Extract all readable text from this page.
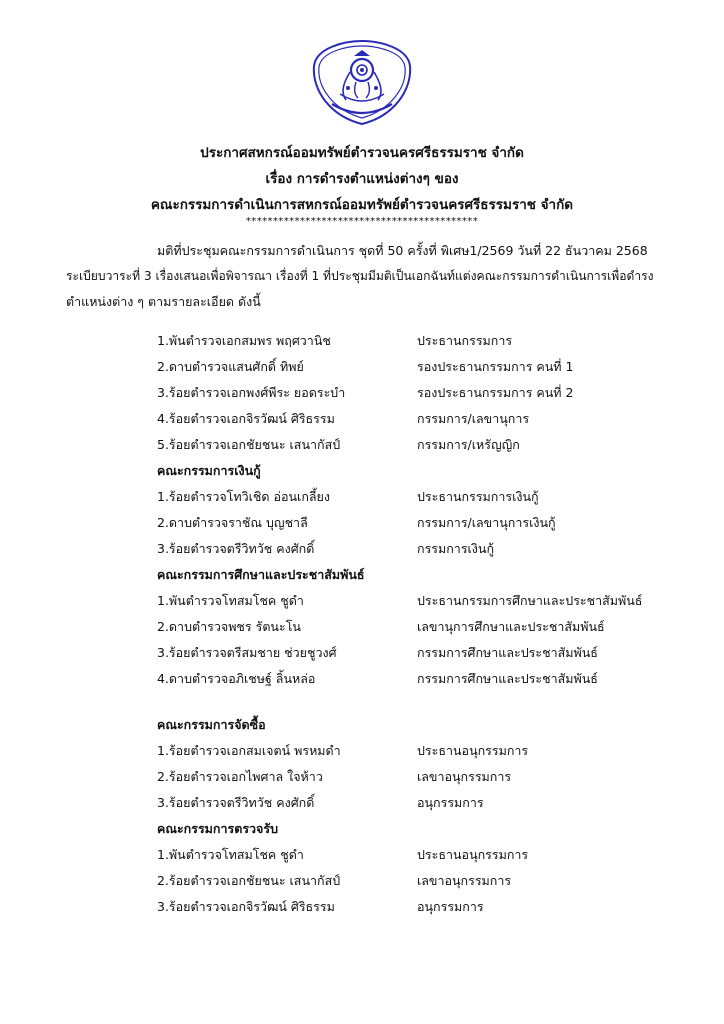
ประกาศสหกรณ์ออมทรัพย์ตำรวจนครศรีธรรมราช จำกัด
เรื่อง การดำรงตำแหน่งต่างๆ ของ
คณะกรรมการดำเนินการสหกรณ์ออมทรัพย์ตำรวจนครศรีธรรมราช จำกัด
*******************************************
มติที่ประชุมคณะกรรมการดำเนินการ ชุดที่ 50 ครั้งที่ พิเศษ1/2569 วันที่ 22 ธันวาคม 2568
ระเบียบวาระที่ 3 เรื่องเสนอเพื่อพิจารณา เรื่องที่ 1 ที่ประชุมมีมติเป็นเอกฉันท์แต่งคณะกรรมการดำเนินการเพื่อดำรง
ตำแหน่งต่าง ๆ ตามรายละเอียด ดังนี้
1.พันตำรวจเอกสมพร พฤศวานิช	ประธานกรรมการ
2.ดาบตำรวจแสนศักดิ์ ทิพย์	รองประธานกรรมการ คนที่ 1
3.ร้อยตำรวจเอกพงศ์พีระ ยอดระบำ	รองประธานกรรมการ คนที่ 2
4.ร้อยตำรวจเอกจิรวัฒน์ ศิริธรรม	กรรมการ/เลขานุการ
5.ร้อยตำรวจเอกชัยชนะ เสนากัสป์	กรรมการ/เหรัญญิก
คณะกรรมการเงินกู้
1.ร้อยตำรวจโทวิเชิด อ่อนเกลี้ยง	ประธานกรรมการเงินกู้
2.ดาบตำรวจราชัณ บุญชาลี	กรรมการ/เลขานุการเงินกู้
3.ร้อยตำรวจตรีวิทวัช คงศักดิ์	กรรมการเงินกู้
คณะกรรมการศึกษาและประชาสัมพันธ์
1.พันตำรวจโทสมโชค ชูดำ	ประธานกรรมการศึกษาและประชาสัมพันธ์
2.ดาบตำรวจพชร รัตนะโน	เลขานุการศึกษาและประชาสัมพันธ์
3.ร้อยตำรวจตรีสมชาย ช่วยชูวงศ์	กรรมการศึกษาและประชาสัมพันธ์
4.ดาบตำรวจอภิเชษฐ์ ลิ้นหล่อ	กรรมการศึกษาและประชาสัมพันธ์
คณะกรรมการจัดซื้อ
1.ร้อยตำรวจเอกสมเจตน์ พรหมดำ	ประธานอนุกรรมการ
2.ร้อยตำรวจเอกไพศาล ใจห้าว	เลขาอนุกรรมการ
3.ร้อยตำรวจตรีวิทวัช คงศักดิ์	อนุกรรมการ
คณะกรรมการตรวจรับ
1.พันตำรวจโทสมโชค ชูดำ	ประธานอนุกรรมการ
2.ร้อยตำรวจเอกชัยชนะ เสนากัสป์	เลขาอนุกรรมการ
3.ร้อยตำรวจเอกจิรวัฒน์ ศิริธรรม	อนุกรรมการ
